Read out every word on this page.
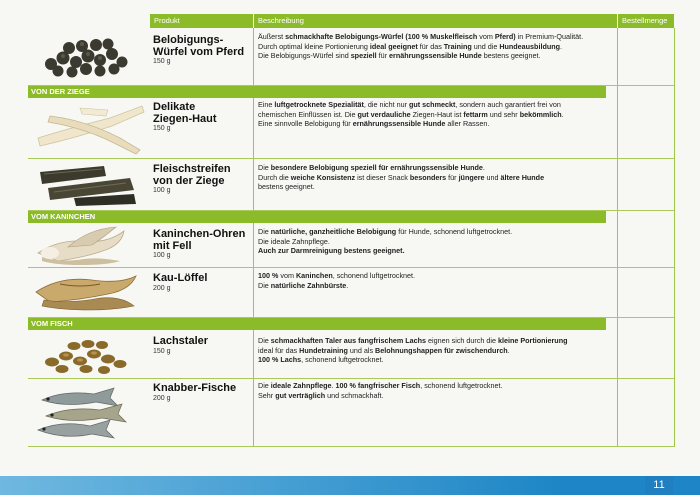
Produkt	Beschreibung	Bestellmenge
VON DER ZIEGE
VOM KANINCHEN
VOM FISCH
Belobigungs-
Würfel vom Pferd
150 g
Delikate
Ziegen-Haut
150 g
Fleischstreifen
von der Ziege
100 g
Kaninchen-Ohren
mit Fell
100 g
Kau-Löffel
200 g
Lachstaler
150 g
Knabber-Fische
200 g
Äußerst schmackhafte Belobigungs-Würfel (100 % Muskelfleisch vom Pferd) in Premium-Qualität.
Durch optimal kleine Portionierung ideal geeignet für das Training und die Hundeausbildung.
Die Belobigungs-Würfel sind speziell für ernährungssensible Hunde bestens geeignet.
Eine luftgetrocknete Spezialität, die nicht nur gut schmeckt, sondern auch garantiert frei von
chemischen Einflüssen ist. Die gut verdauliche Ziegen-Haut ist fettarm und sehr bekömmlich.
Eine sinnvolle Belobigung für ernährungssensible Hunde aller Rassen.
Die besondere Belobigung speziell für ernährungssensible Hunde.
Durch die weiche Konsistenz ist dieser Snack besonders für jüngere und ältere Hunde
bestens geeignet.
Die natürliche, ganzheitliche Belobigung für Hunde, schonend luftgetrocknet.
Die ideale Zahnpflege.
Auch zur Darmreinigung bestens geeignet.
100 % vom Kaninchen, schonend luftgetrocknet.
Die natürliche Zahnbürste.
Die schmackhaften Taler aus fangfrischem Lachs eignen sich durch die kleine Portionierung
ideal für das Hundetraining und als Belohnungshappen für zwischendurch.
100 % Lachs, schonend luftgetrocknet.
Die ideale Zahnpflege. 100 % fangfrischer Fisch, schonend luftgetrocknet.
Sehr gut verträglich und schmackhaft.
11
